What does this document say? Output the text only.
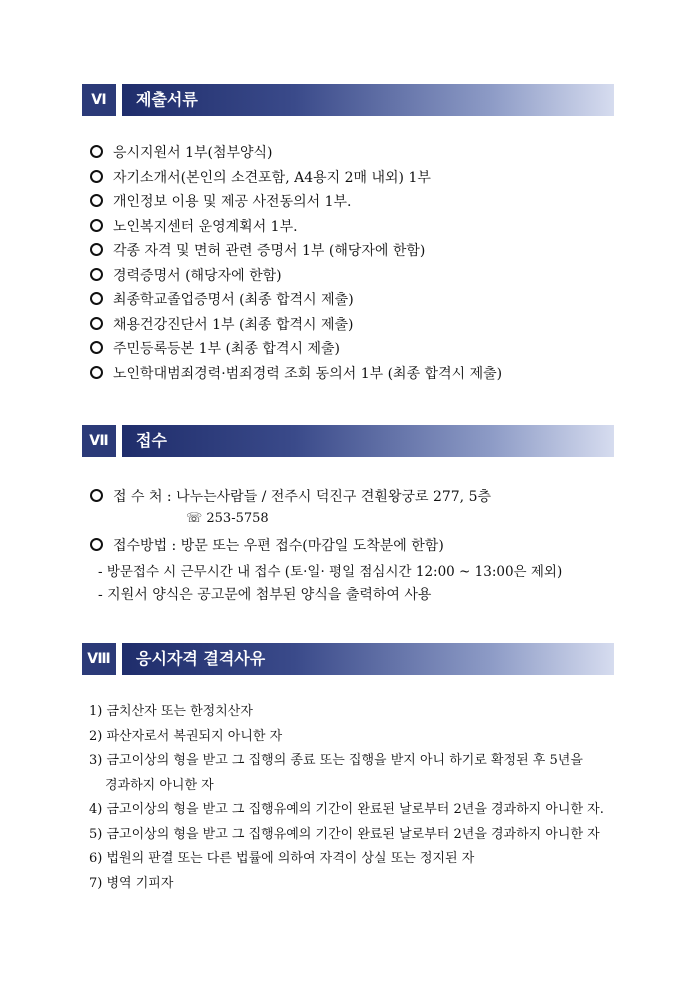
Ⅵ	제출서류
응시지원서 1부(첨부양식)
자기소개서(본인의 소견포함, A4용지 2매 내외) 1부
개인정보 이용 및 제공 사전동의서 1부.
노인복지센터 운영계획서 1부.
각종 자격 및 면허 관련 증명서 1부 (해당자에 한함)
경력증명서 (해당자에 한함)
최종학교졸업증명서 (최종 합격시 제출)
채용건강진단서 1부 (최종 합격시 제출)
주민등록등본 1부 (최종 합격시 제출)
노인학대범죄경력·범죄경력 조회 동의서 1부 (최종 합격시 제출)
Ⅶ	접수
접 수 처 : 나누는사람들 / 전주시 덕진구 견훤왕궁로 277, 5층
☏ 253-5758
접수방법 : 방문 또는 우편 접수(마감일 도착분에 한함)
- 방문접수 시 근무시간 내 접수 (토·일· 평일 점심시간 12:00 ~ 13:00은 제외)
- 지원서 양식은 공고문에 첨부된 양식을 출력하여 사용
Ⅷ	응시자격 결격사유
1) 금치산자 또는 한정치산자
2) 파산자로서 복권되지 아니한 자
3) 금고이상의 형을 받고 그 집행의 종료 또는 집행을 받지 아니 하기로 확정된 후 5년을
경과하지 아니한 자
4) 금고이상의 형을 받고 그 집행유예의 기간이 완료된 날로부터 2년을 경과하지 아니한 자.
5) 금고이상의 형을 받고 그 집행유예의 기간이 완료된 날로부터 2년을 경과하지 아니한 자
6) 법원의 판결 또는 다른 법률에 의하여 자격이 상실 또는 정지된 자
7) 병역 기피자
